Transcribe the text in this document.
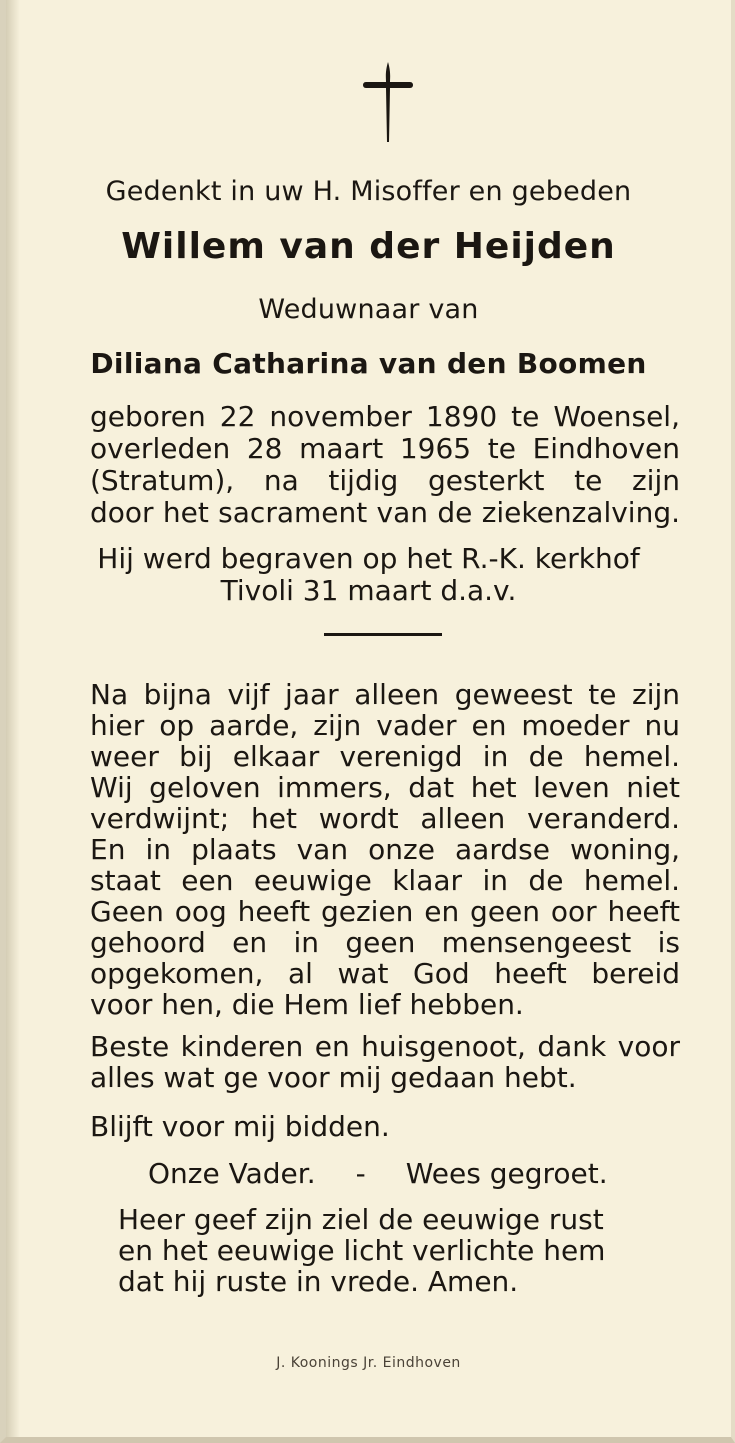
Gedenkt in uw H. Misoffer en gebeden
Willem van der Heijden
Weduwnaar van
Diliana Catharina van den Boomen
geboren 22 november 1890 te Woensel,
overleden 28 maart 1965 te Eindhoven
(Stratum), na tijdig gesterkt te zijn
door het sacrament van de ziekenzalving.
Hij werd begraven op het R.-K. kerkhof
Tivoli 31 maart d.a.v.
Na bijna vijf jaar alleen geweest te zijn
hier op aarde, zijn vader en moeder nu
weer bij elkaar verenigd in de hemel.
Wij geloven immers, dat het leven niet
verdwijnt; het wordt alleen veranderd.
En in plaats van onze aardse woning,
staat een eeuwige klaar in de hemel.
Geen oog heeft gezien en geen oor heeft
gehoord en in geen mensengeest is
opgekomen, al wat God heeft bereid
voor hen, die Hem lief hebben.
Beste kinderen en huisgenoot, dank voor
alles wat ge voor mij gedaan hebt.
Blijft voor mij bidden.
Onze Vader. - Wees gegroet.
Heer geef zijn ziel de eeuwige rust
en het eeuwige licht verlichte hem
dat hij ruste in vrede. Amen.
J. Koonings Jr. Eindhoven
